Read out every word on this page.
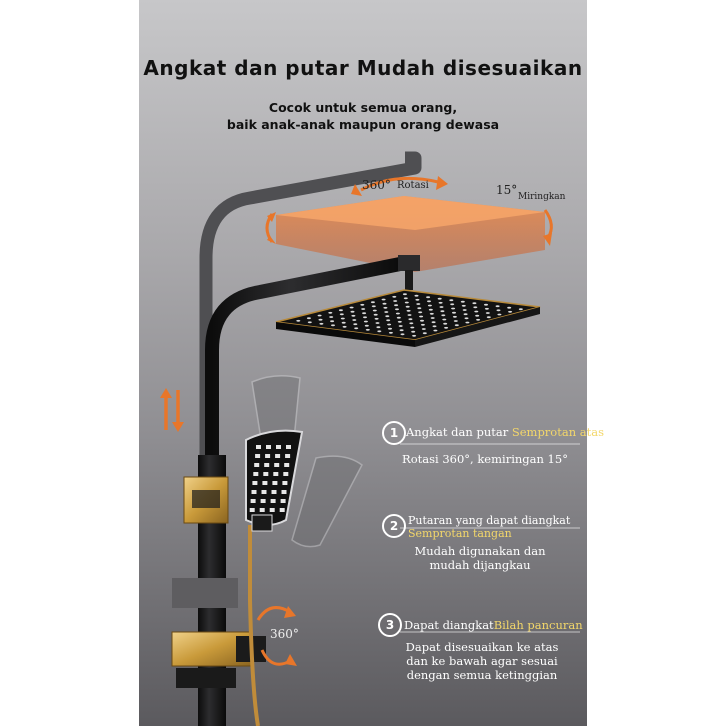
Angkat dan putar Mudah disesuaikan
Cocok untuk semua orang,
baik anak-anak maupun orang dewasa
360° Rotasi	15° Miringkan
360°
1 Angkat dan putar Semprotan atas
Rotasi 360°, kemiringan 15°
2 Putaran yang dapat diangkat
Semprotan tangan
Mudah digunakan dan
mudah dijangkau
3 Dapat diangkatBilah pancuran
Dapat disesuaikan ke atas
dan ke bawah agar sesuai
dengan semua ketinggian
